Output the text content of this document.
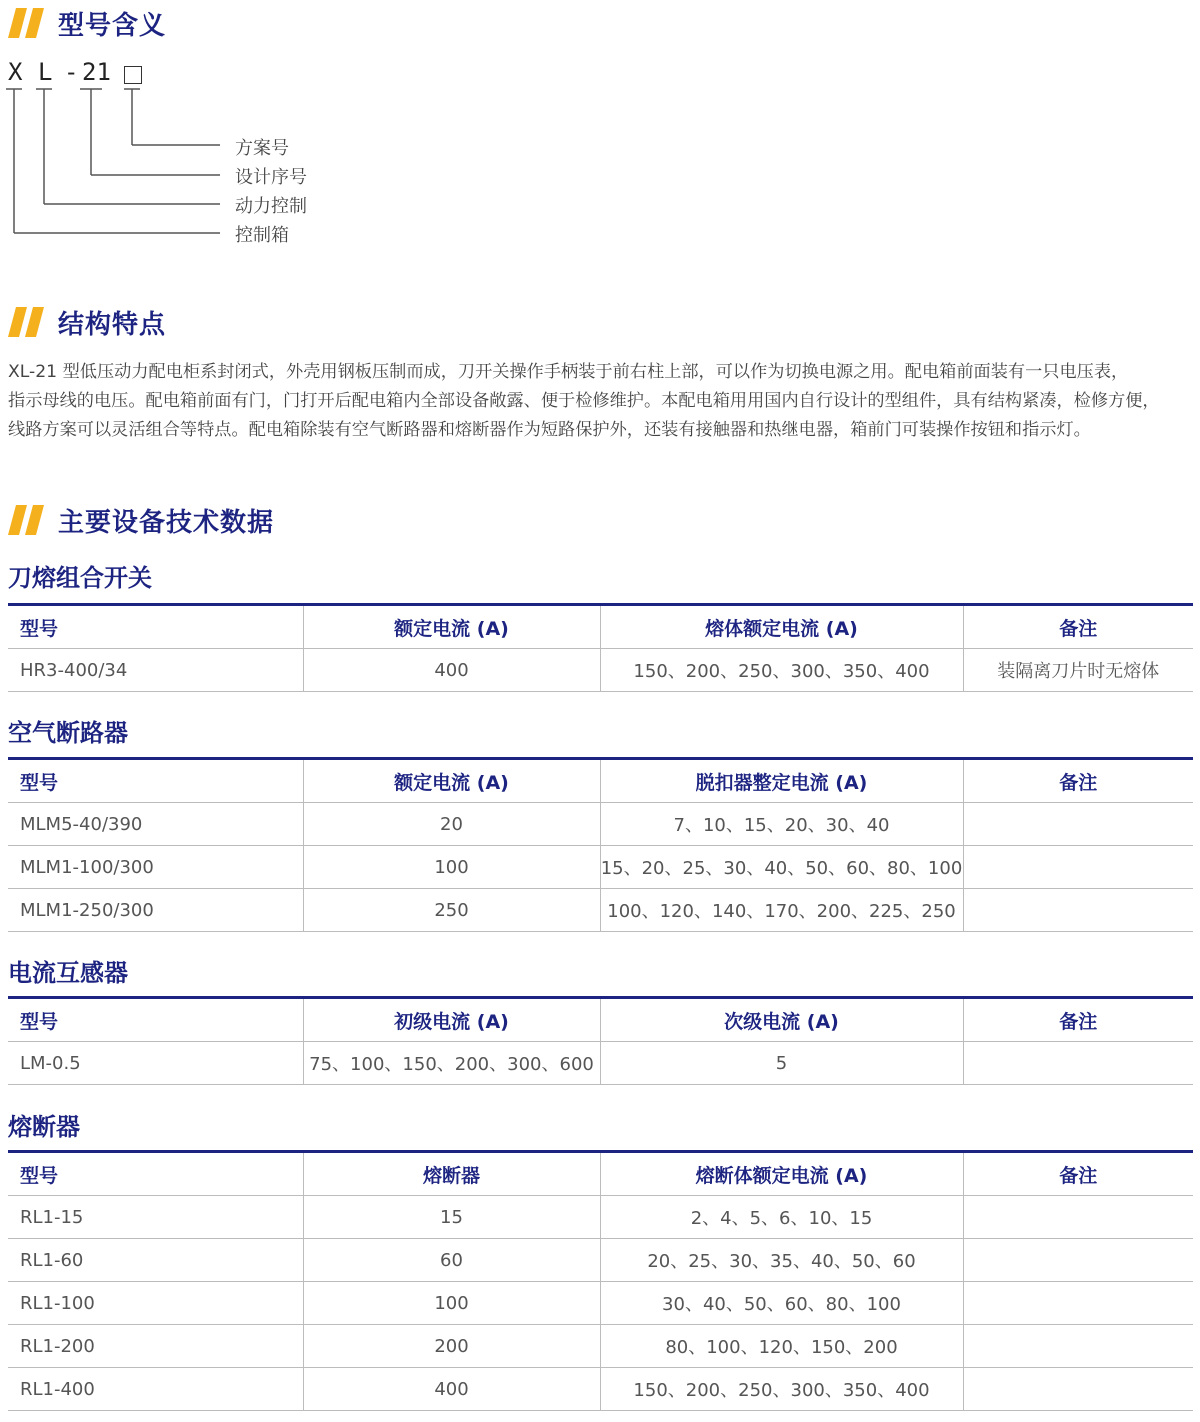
型号含义
X L - 21
方案号
设计序号
动力控制
控制箱
结构特点
XL-21 型低压动力配电柜系封闭式，外壳用钢板压制而成，刀开关操作手柄装于前右柱上部，可以作为切换电源之用。配电箱前面装有一只电压表，
指示母线的电压。配电箱前面有门，门打开后配电箱内全部设备敞露、便于检修维护。本配电箱用用国内自行设计的型组件，具有结构紧凑，检修方便，
线路方案可以灵活组合等特点。配电箱除装有空气断路器和熔断器作为短路保护外，还装有接触器和热继电器，箱前门可装操作按钮和指示灯。
主要设备技术数据
刀熔组合开关
型号	额定电流 (A)	熔体额定电流 (A)	备注
HR3-400/34	400	150、200、250、300、350、400	装隔离刀片时无熔体
空气断路器
型号	额定电流 (A)	脱扣器整定电流 (A)	备注
MLM5-40/390	20	7、10、15、20、30、40	
MLM1-100/300	100	15、20、25、30、40、50、60、80、100	
MLM1-250/300	250	100、120、140、170、200、225、250	
电流互感器
型号	初级电流 (A)	次级电流 (A)	备注
LM-0.5	75、100、150、200、300、600	5	
熔断器
型号	熔断器	熔断体额定电流 (A)	备注
RL1-15	15	2、4、5、6、10、15	
RL1-60	60	20、25、30、35、40、50、60	
RL1-100	100	30、40、50、60、80、100	
RL1-200	200	80、100、120、150、200	
RL1-400	400	150、200、250、300、350、400	
